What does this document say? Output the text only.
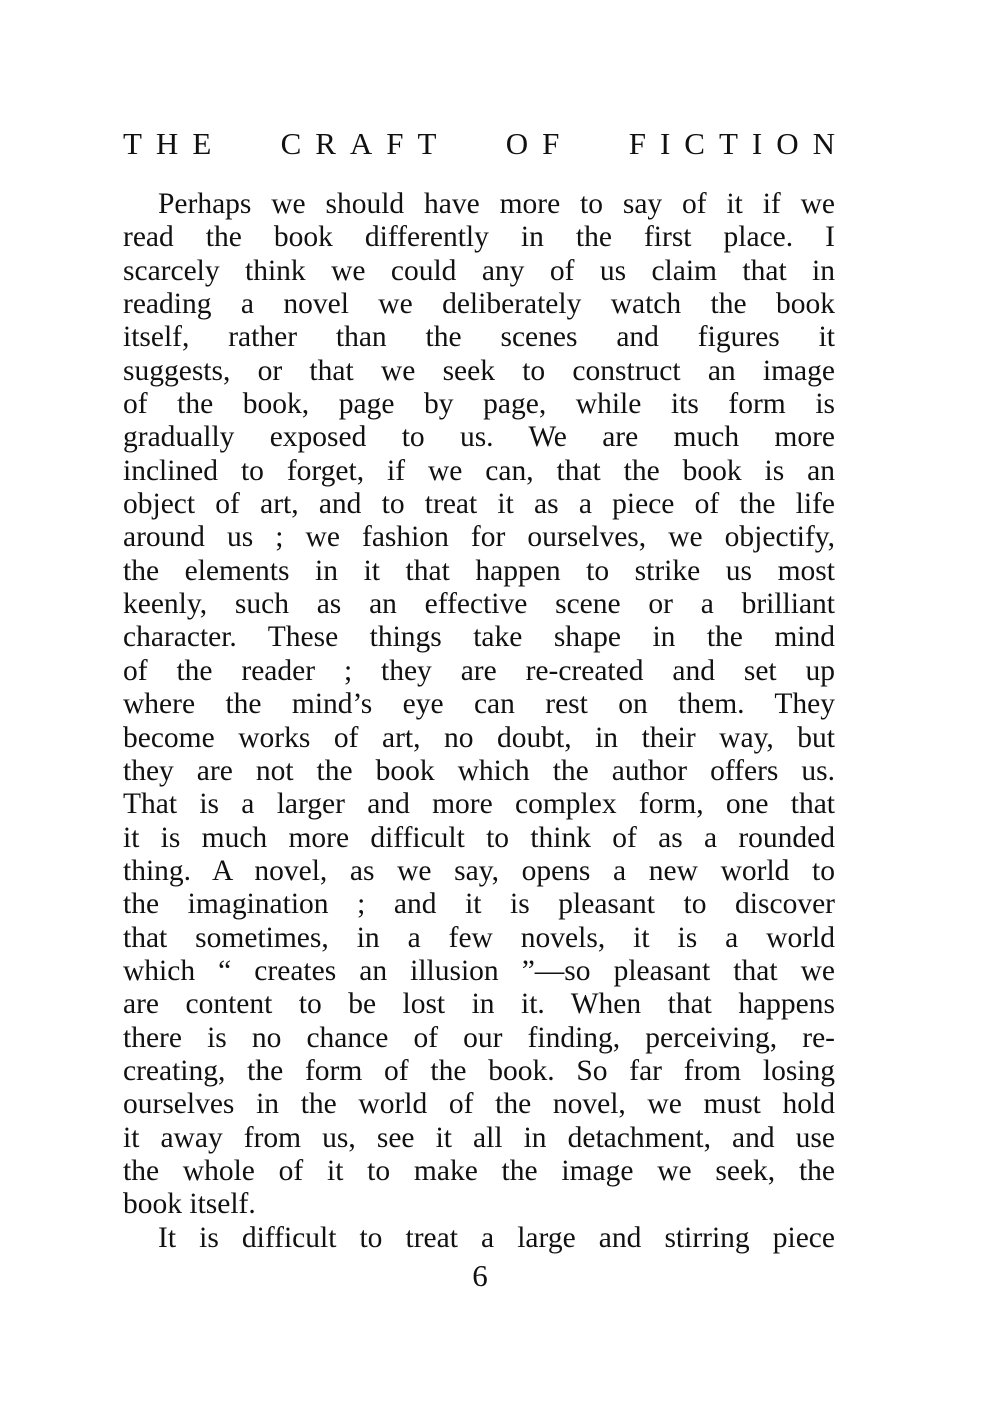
THE CRAFT OF FICTION
Perhaps we should have more to say of it if we
read the book differently in the first place. I
scarcely think we could any of us claim that in
reading a novel we deliberately watch the book
itself, rather than the scenes and figures it
suggests, or that we seek to construct an image
of the book, page by page, while its form is
gradually exposed to us. We are much more
inclined to forget, if we can, that the book is an
object of art, and to treat it as a piece of the life
around us ; we fashion for ourselves, we objectify,
the elements in it that happen to strike us most
keenly, such as an effective scene or a brilliant
character. These things take shape in the mind
of the reader ; they are re-created and set up
where the mind’s eye can rest on them. They
become works of art, no doubt, in their way, but
they are not the book which the author offers us.
That is a larger and more complex form, one that
it is much more difficult to think of as a rounded
thing. A novel, as we say, opens a new world to
the imagination ; and it is pleasant to discover
that sometimes, in a few novels, it is a world
which “ creates an illusion ”—so pleasant that we
are content to be lost in it. When that happens
there is no chance of our finding, perceiving, re-
creating, the form of the book. So far from losing
ourselves in the world of the novel, we must hold
it away from us, see it all in detachment, and use
the whole of it to make the image we seek, the
book itself.
It is difficult to treat a large and stirring piece
6
